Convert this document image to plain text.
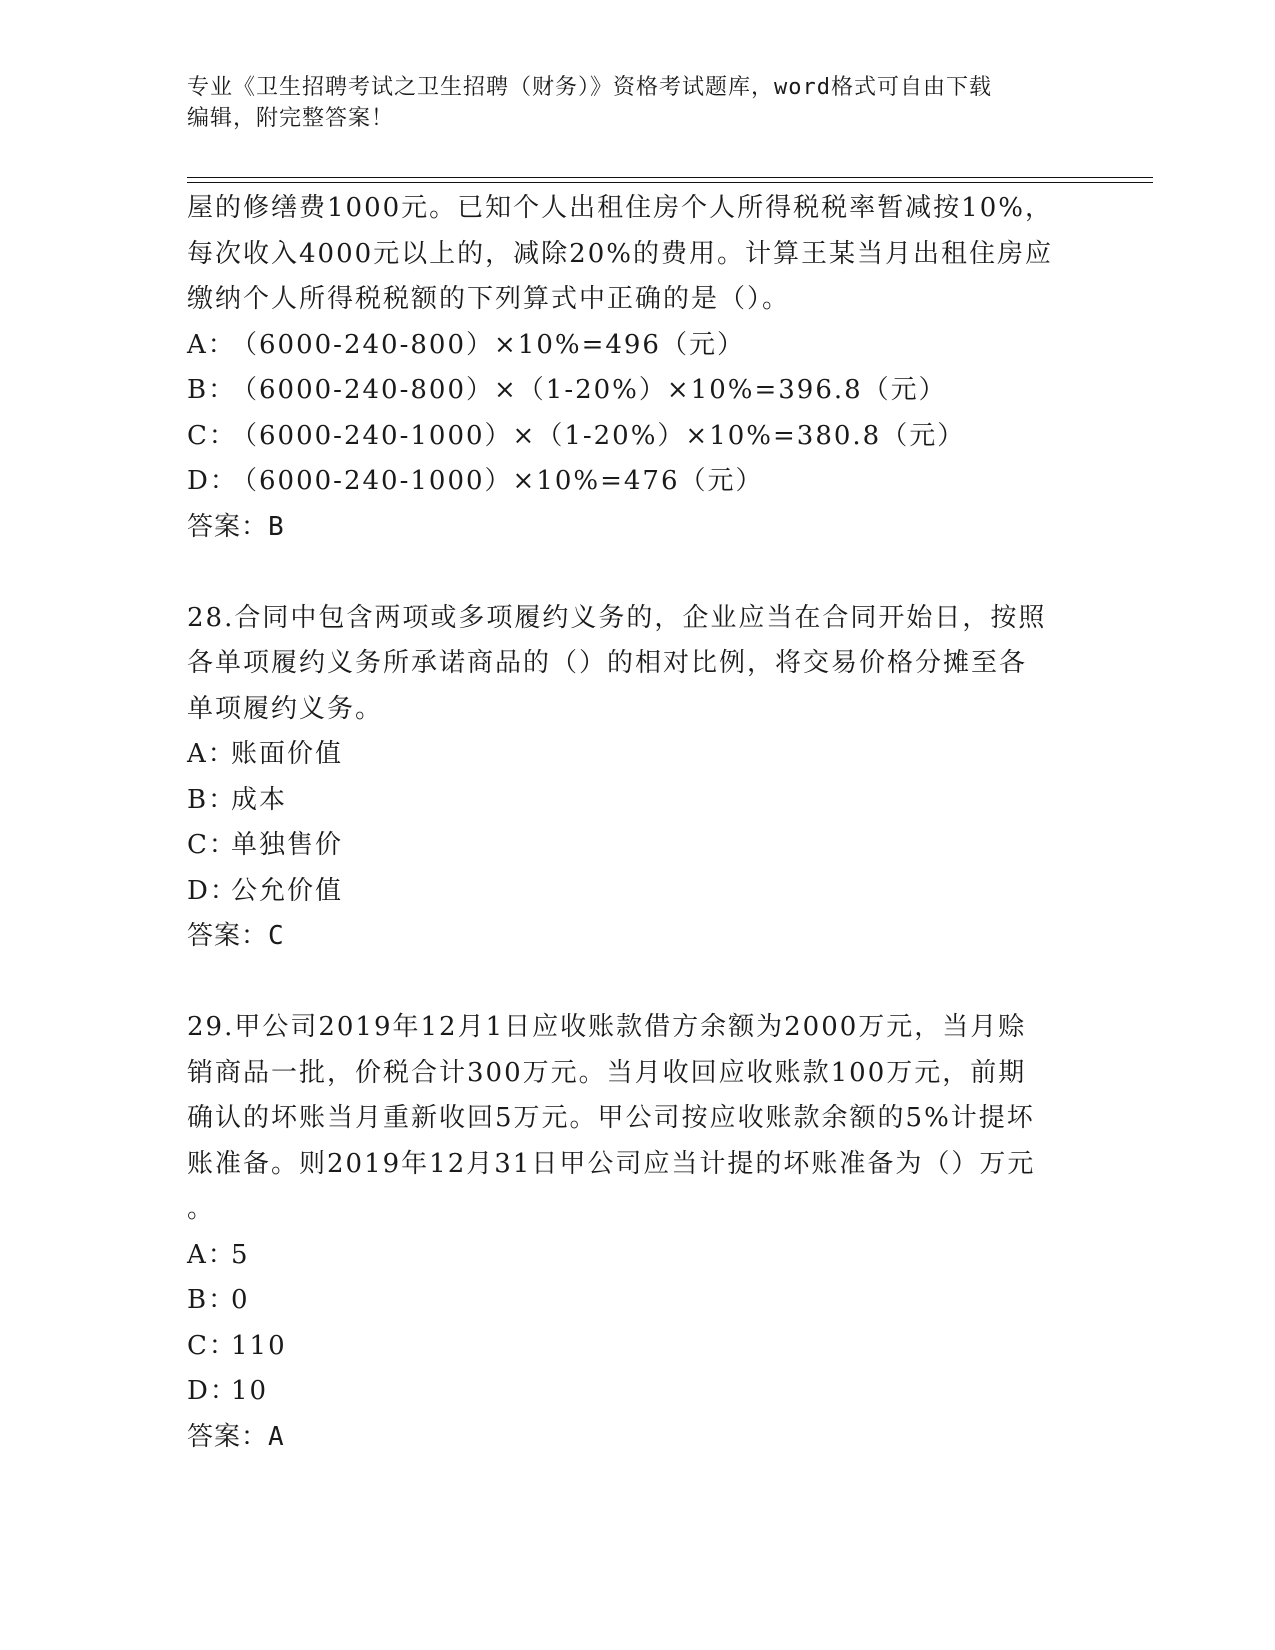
专业《卫生招聘考试之卫生招聘（财务）》资格考试题库，word格式可自由下载
编辑，附完整答案！
屋的修缮费1000元。已知个人出租住房个人所得税税率暂减按10%，
每次收入4000元以上的，减除20%的费用。计算王某当月出租住房应
缴纳个人所得税税额的下列算式中正确的是（）。
A：（6000-240-800）×10%=496（元）
B：（6000-240-800）×（1-20%）×10%=396.8（元）
C：（6000-240-1000）×（1-20%）×10%=380.8（元）
D：（6000-240-1000）×10%=476（元）
答案：B
28.合同中包含两项或多项履约义务的，企业应当在合同开始日，按照
各单项履约义务所承诺商品的（）的相对比例，将交易价格分摊至各
单项履约义务。
A：账面价值
B：成本
C：单独售价
D：公允价值
答案：C
29.甲公司2019年12月1日应收账款借方余额为2000万元，当月赊
销商品一批，价税合计300万元。当月收回应收账款100万元，前期
确认的坏账当月重新收回5万元。甲公司按应收账款余额的5%计提坏
账准备。则2019年12月31日甲公司应当计提的坏账准备为（）万元
。
A：5
B：0
C：110
D：10
答案：A
